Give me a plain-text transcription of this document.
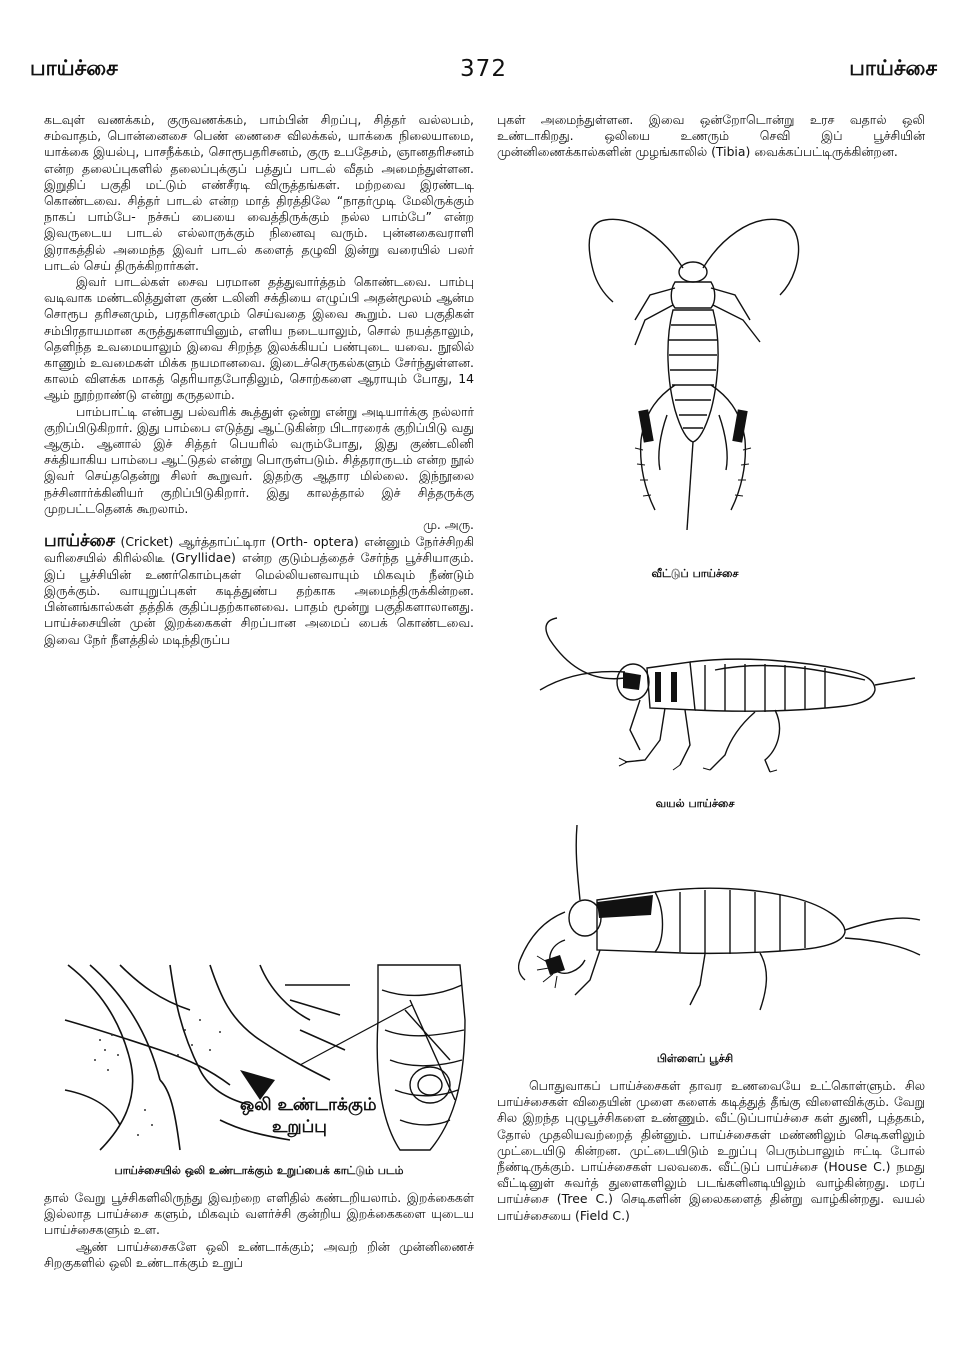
பாய்ச்சை	372	பாய்ச்சை

கடவுள் வணக்கம், குருவணக்கம், பாம்பின் சிறப்பு, சித்தர் வல்லபம், சம்வாதம், பொன்னைசை பெண் ணைசை விலக்கல், யாக்கை நிலையாமை, யாக்கை இயல்பு, பாசநீக்கம், சொரூபதரிசனம், குரு உபதேசம், ஞானதரிசனம் என்ற தலைப்புகளில் தலைப்புக்குப் பத்துப் பாடல் வீதம் அமைந்துள்ளன. இறுதிப் பகுதி மட்டும் எண்சீரடி விருத்தங்கள். மற்றவை இரண்டடி கொண்டவை. சித்தர் பாடல் என்ற மாத் திரத்திலே “நாதர்முடி மேலிருக்கும் நாகப் பாம்பே- நச்சுப் பையை வைத்திருக்கும் நல்ல பாம்பே” என்ற இவருடைய பாடல் எல்லாருக்கும் நினைவு வரும். புன்னகைவராளி இராகத்தில் அமைந்த இவர் பாடல் களைத் தழுவி இன்று வரையில் பலர் பாடல் செய் திருக்கிறார்கள்.

இவர் பாடல்கள் சைவ பரமான தத்துவார்த்தம் கொண்டவை. பாம்பு வடிவாக மண்டலித்துள்ள குண் டலினி சக்தியை எழுப்பி அதன்மூலம் ஆன்ம சொரூப தரிசனமும், பரதரிசனமும் செய்வதை இவை கூறும். பல பகுதிகள் சம்பிரதாயமான கருத்துகளாயினும், எளிய நடையாலும், சொல் நயத்தாலும், தெளிந்த உவமையாலும் இவை சிறந்த இலக்கியப் பண்புடை யவை. நூலில் காணும் உவமைகள் மிக்க நயமானவை. இடைச்செருகல்களும் சேர்ந்துள்ளன. காலம் விளக்க மாகத் தெரியாதபோதிலும், சொற்களை ஆராயும் போது, 14 ஆம் நூற்றாண்டு என்று கருதலாம்.

பாம்பாட்டி என்பது பல்வரிக் கூத்துள் ஒன்று என்று அடியார்க்கு நல்லார் குறிப்பிடுகிறார். இது பாம்பை எடுத்து ஆட்டுகின்ற பிடாரரைக் குறிப்பிடு வது ஆகும். ஆனால் இச் சித்தர் பெயரில் வரும்போது, இது குண்டலினி சக்தியாகிய பாம்பை ஆட்டுதல் என்று பொருள்படும். சித்தராருடம் என்ற நூல் இவர் செய்ததென்று சிலர் கூறுவர். இதற்கு ஆதார மில்லை. இந்நூலை நச்சினார்க்கினியர் குறிப்பிடுகிறார். இது காலத்தால் இச் சித்தருக்கு முறபட்டதெனக் கூறலாம்.

மு. அரு.

பாய்ச்சை (Cricket) ஆர்த்தாப்ட்டிரா (Orth- optera) என்னும் நேர்ச்சிறகி வரிசையில் கிரில்லிடீ (Gryllidae) என்ற குடும்பத்தைச் சேர்ந்த பூச்சியாகும். இப் பூச்சியின் உணர்கொம்புகள் மெல்லியனவாயும் மிகவும் நீண்டும் இருக்கும். வாயுறுப்புகள் கடித்துண்ப தற்காக அமைந்திருக்கின்றன. பின்னங்கால்கள் தத்திக் குதிப்பதற்கானவை. பாதம் மூன்று பகுதிகளாலானது. பாய்ச்சையின் முன் இறக்கைகள் சிறப்பான அமைப் பைக் கொண்டவை. இவை நேர் நீளத்தில் மடிந்திருப்ப

ஒலி உண்டாக்கும்
உறுப்பு
பாய்ச்சையில் ஒலி உண்டாக்கும் உறுப்பைக் காட்டும் படம்

தால் வேறு பூச்சிகளிலிருந்து இவற்றை எளிதில் கண்டறியலாம். இறக்கைகள் இல்லாத பாய்ச்சை களும், மிகவும் வளர்ச்சி குன்றிய இறக்கைகளை யுடைய பாய்ச்சைகளும் உள.

ஆண் பாய்ச்சைகளே ஒலி உண்டாக்கும்; அவற் றின் முன்னிணைச் சிறகுகளில் ஒலி உண்டாக்கும் உறுப்

புகள் அமைந்துள்ளன. இவை ஒன்றோடொன்று உரச வதால் ஒலி உண்டாகிறது. ஒலியை உணரும் செவி இப் பூச்சியின் முன்னிணைக்கால்களின் முழங்காலில் (Tibia) வைக்கப்பட்டிருக்கின்றன.

வீட்டுப் பாய்ச்சை
வயல் பாய்ச்சை
பிள்ளைப் பூச்சி

பொதுவாகப் பாய்ச்சைகள் தாவர உணவையே உட்கொள்ளும். சில பாய்ச்சைகள் விதையின் முளை களைக் கடித்துத் தீங்கு விளைவிக்கும். வேறு சில இறந்த புழுபூச்சிகளை உண்ணும். வீட்டுப்பாய்ச்சை கள் துணி, புத்தகம், தோல் முதலியவற்றைத் தின்னும். பாய்ச்சைகள் மண்ணிலும் செடிகளிலும் முட்டையிடு கின்றன. முட்டையிடும் உறுப்பு பெரும்பாலும் ஈட்டி போல் நீண்டிருக்கும். பாய்ச்சைகள் பலவகை. வீட்டுப் பாய்ச்சை (House C.) நமது வீட்டினுள் சுவர்த் துளைகளிலும் படங்களினடியிலும் வாழ்கின்றது. மரப் பாய்ச்சை (Tree C.) செடிகளின் இலைகளைத் தின்று வாழ்கின்றது. வயல் பாய்ச்சையை (Field C.)
